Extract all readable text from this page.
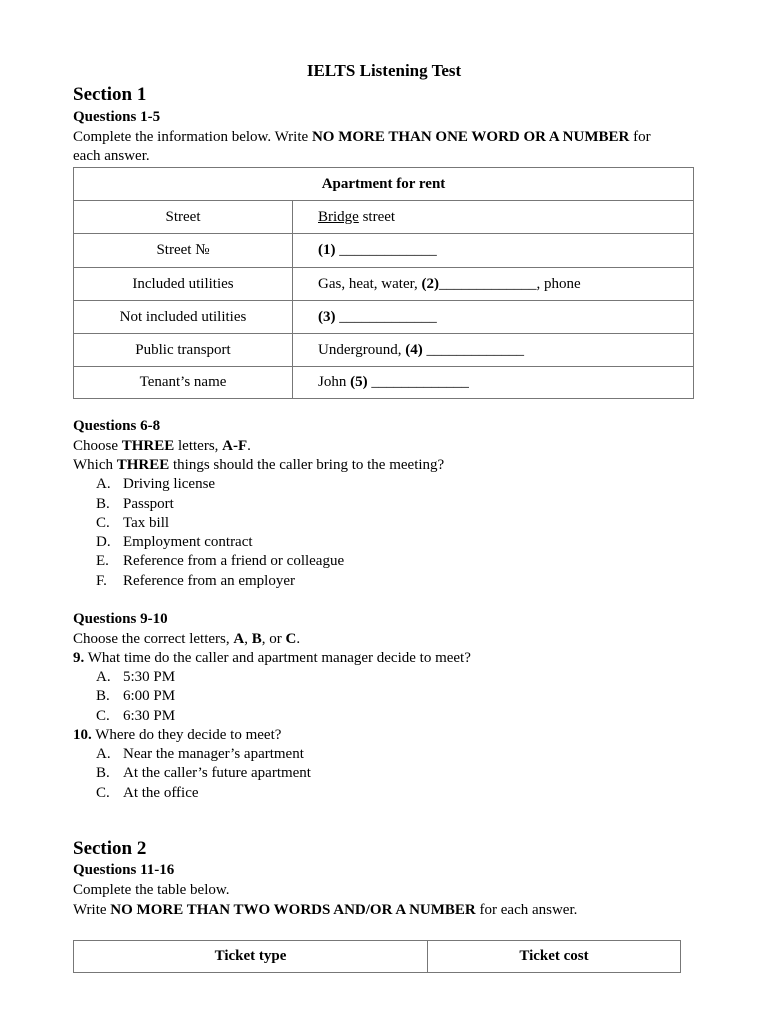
IELTS Listening Test
Section 1
Questions 1-5
Complete the information below. Write NO MORE THAN ONE WORD OR A NUMBER for
each answer.
Apartment for rent	
Street	Bridge street
Street №	(1) _____________
Included utilities	Gas, heat, water, (2)_____________, phone
Not included utilities	(3) _____________
Public transport	Underground, (4) _____________
Tenant’s name	John (5) _____________
Questions 6-8
Choose THREE letters, A-F.
Which THREE things should the caller bring to the meeting?
A. Driving license
B. Passport
C. Tax bill
D. Employment contract
E. Reference from a friend or colleague
F. Reference from an employer
Questions 9-10
Choose the correct letters, A, B, or C.
9. What time do the caller and apartment manager decide to meet?
A. 5:30 PM
B. 6:00 PM
C. 6:30 PM
10. Where do they decide to meet?
A. Near the manager’s apartment
B. At the caller’s future apartment
C. At the office
Section 2
Questions 11-16
Complete the table below.
Write NO MORE THAN TWO WORDS AND/OR A NUMBER for each answer.
Ticket type	Ticket cost
